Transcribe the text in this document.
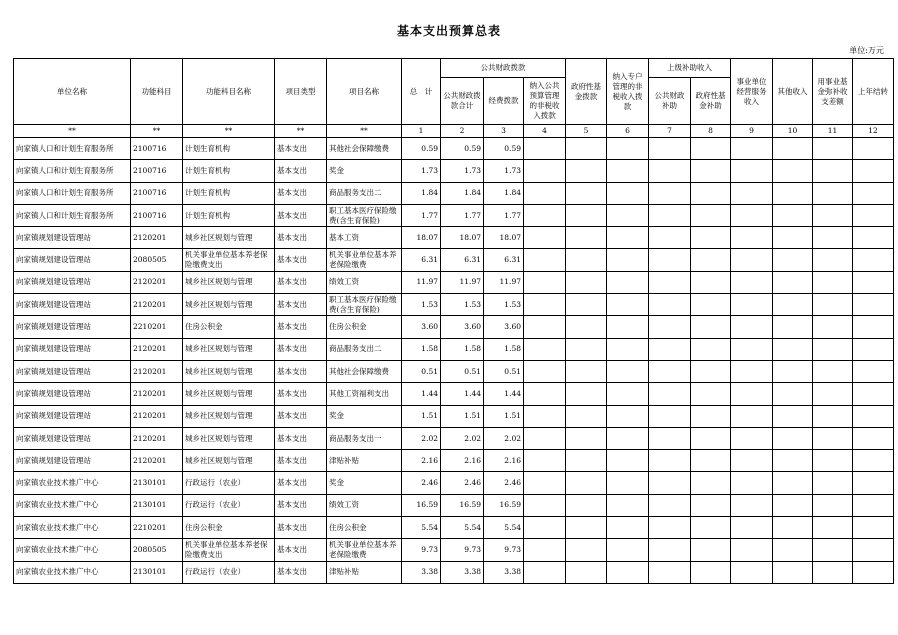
基本支出预算总表
单位:万元
单位名称	功能科目	功能科目名称	项目类型	项目名称	总　计	公共财政拨款			政府性基金拨款	纳入专户管理的非税收入拨款	上级补助收入		事业单位经营服务收入	其他收入	用事业基金弥补收支差额	上年结转
						公共财政拨款合计	经费拨款	纳入公共预算管理的非税收入拨款			公共财政补助	政府性基金补助				
**	**	**	**	**	1	2	3	4	5	6	7	8	9	10	11	12
向家镇人口和计划生育服务所	2100716	计划生育机构	基本支出	其他社会保障缴费	0.59	0.59	0.59									
向家镇人口和计划生育服务所	2100716	计划生育机构	基本支出	奖金	1.73	1.73	1.73									
向家镇人口和计划生育服务所	2100716	计划生育机构	基本支出	商品服务支出二	1.84	1.84	1.84									
向家镇人口和计划生育服务所	2100716	计划生育机构	基本支出	职工基本医疗保险缴费(含生育保险)	1.77	1.77	1.77									
向家镇规划建设管理站	2120201	城乡社区规划与管理	基本支出	基本工资	18.07	18.07	18.07									
向家镇规划建设管理站	2080505	机关事业单位基本养老保险缴费支出	基本支出	机关事业单位基本养老保险缴费	6.31	6.31	6.31									
向家镇规划建设管理站	2120201	城乡社区规划与管理	基本支出	绩效工资	11.97	11.97	11.97									
向家镇规划建设管理站	2120201	城乡社区规划与管理	基本支出	职工基本医疗保险缴费(含生育保险)	1.53	1.53	1.53									
向家镇规划建设管理站	2210201	住房公积金	基本支出	住房公积金	3.60	3.60	3.60									
向家镇规划建设管理站	2120201	城乡社区规划与管理	基本支出	商品服务支出二	1.58	1.58	1.58									
向家镇规划建设管理站	2120201	城乡社区规划与管理	基本支出	其他社会保障缴费	0.51	0.51	0.51									
向家镇规划建设管理站	2120201	城乡社区规划与管理	基本支出	其他工资福利支出	1.44	1.44	1.44									
向家镇规划建设管理站	2120201	城乡社区规划与管理	基本支出	奖金	1.51	1.51	1.51									
向家镇规划建设管理站	2120201	城乡社区规划与管理	基本支出	商品服务支出一	2.02	2.02	2.02									
向家镇规划建设管理站	2120201	城乡社区规划与管理	基本支出	津贴补贴	2.16	2.16	2.16									
向家镇农业技术推广中心	2130101	行政运行（农业）	基本支出	奖金	2.46	2.46	2.46									
向家镇农业技术推广中心	2130101	行政运行（农业）	基本支出	绩效工资	16.59	16.59	16.59									
向家镇农业技术推广中心	2210201	住房公积金	基本支出	住房公积金	5.54	5.54	5.54									
向家镇农业技术推广中心	2080505	机关事业单位基本养老保险缴费支出	基本支出	机关事业单位基本养老保险缴费	9.73	9.73	9.73									
向家镇农业技术推广中心	2130101	行政运行（农业）	基本支出	津贴补贴	3.38	3.38	3.38									
